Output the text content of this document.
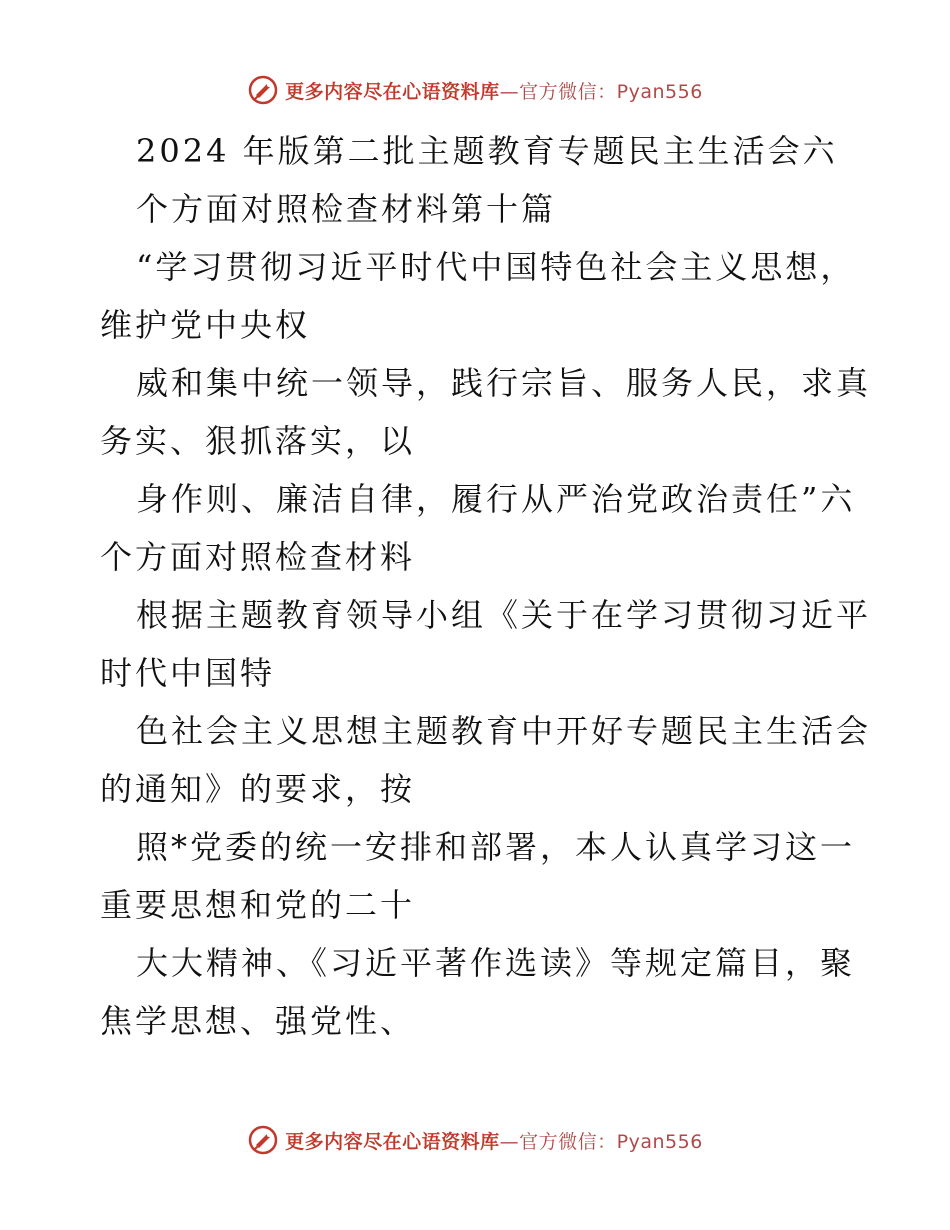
更多内容尽在心语资料库—官方微信：Pyan556
2024 年版第二批主题教育专题民主生活会六
个方面对照检查材料第十篇
“学习贯彻习近平时代中国特色社会主义思想，
维护党中央权
威和集中统一领导，践行宗旨、服务人民，求真
务实、狠抓落实，以
身作则、廉洁自律，履行从严治党政治责任”六
个方面对照检查材料
根据主题教育领导小组《关于在学习贯彻习近平
时代中国特
色社会主义思想主题教育中开好专题民主生活会
的通知》的要求，按
照*党委的统一安排和部署，本人认真学习这一
重要思想和党的二十
大大精神、《习近平著作选读》等规定篇目，聚
焦学思想、强党性、
更多内容尽在心语资料库—官方微信：Pyan556
